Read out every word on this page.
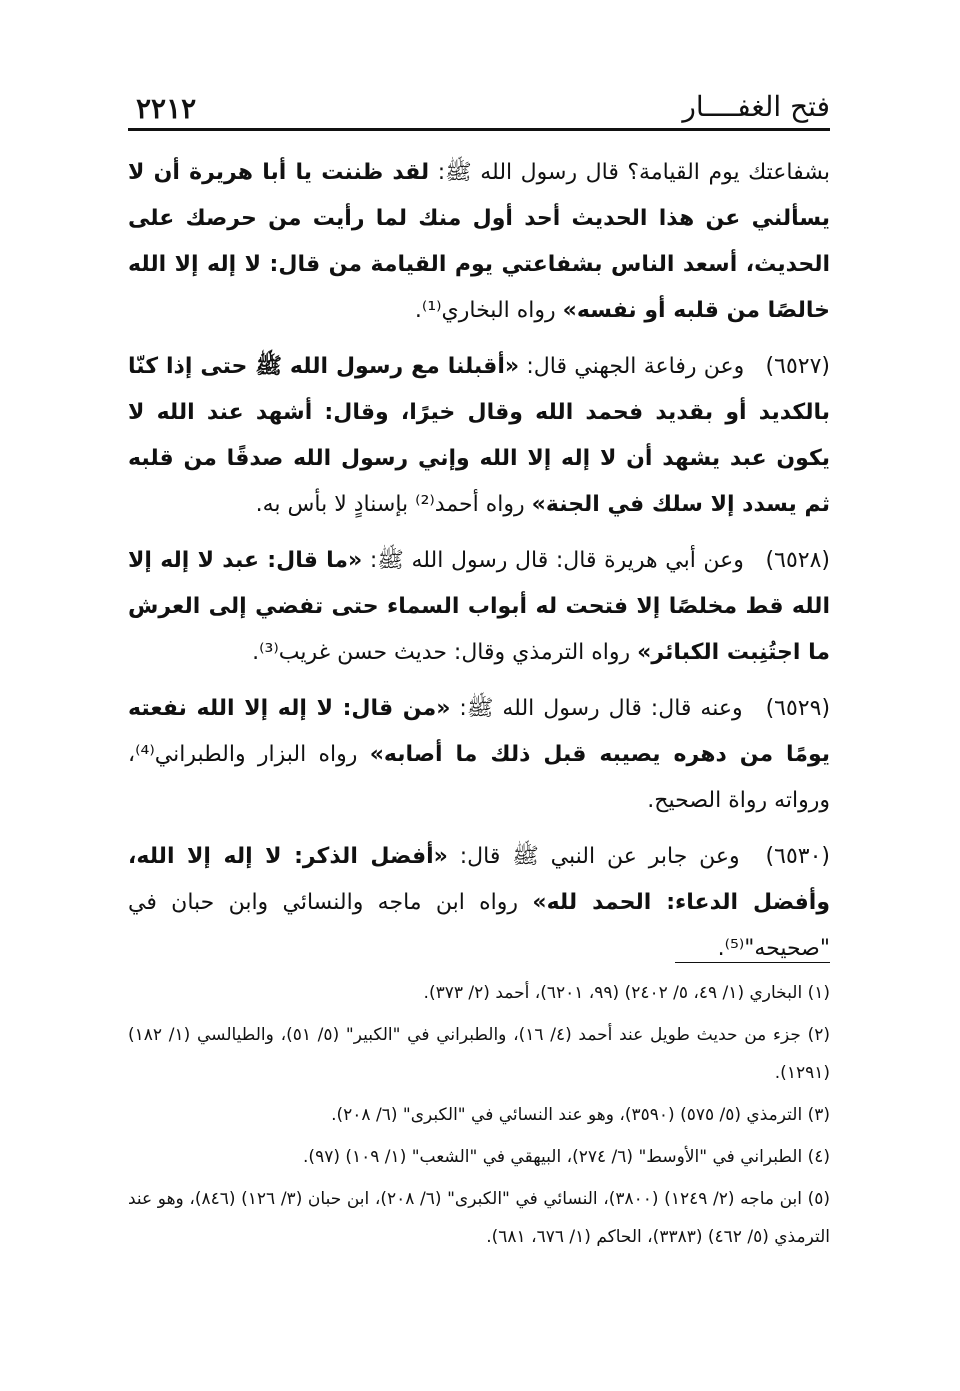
فتح الغفــــار
٢٢١٢

بشفاعتك يوم القيامة؟ قال رسول الله ﷺ: لقد ظننت يا أبا هريرة أن لا يسألني عن هذا الحديث أحد أول منك لما رأيت من حرصك على الحديث، أسعد الناس بشفاعتي يوم القيامة من قال: لا إله إلا الله خالصًا من قلبه أو نفسه» رواه البخاري⁽¹⁾.

(٦٥٢٧) وعن رفاعة الجهني قال: «أقبلنا مع رسول الله ﷺ حتى إذا كنّا بالكديد أو بقديد فحمد الله وقال خيرًا، وقال: أشهد عند الله لا يكون عبد يشهد أن لا إله إلا الله وإني رسول الله صدقًا من قلبه ثم يسدد إلا سلك في الجنة» رواه أحمد⁽²⁾ بإسنادٍ لا بأس به.

(٦٥٢٨) وعن أبي هريرة قال: قال رسول الله ﷺ: «ما قال: عبد لا إله إلا الله قط مخلصًا إلا فتحت له أبواب السماء حتى تفضي إلى العرش ما اجتُنِبت الكبائر» رواه الترمذي وقال: حديث حسن غريب⁽³⁾.

(٦٥٢٩) وعنه قال: قال رسول الله ﷺ: «من قال: لا إله إلا الله نفعته يومًا من دهره يصيبه قبل ذلك ما أصابه» رواه البزار والطبراني⁽⁴⁾، ورواته رواة الصحيح.

(٦٥٣٠) وعن جابر عن النبي ﷺ قال: «أفضل الذكر: لا إله إلا الله، وأفضل الدعاء: الحمد لله» رواه ابن ماجه والنسائي وابن حبان في "صحيحه"⁽⁵⁾.

(١) البخاري (١/ ٤٩، ٥/ ٢٤٠٢) (٩٩، ٦٢٠١)، أحمد (٢/ ٣٧٣).

(٢) جزء من حديث طويل عند أحمد (٤/ ١٦)، والطبراني في "الكبير" (٥/ ٥١)، والطيالسي (١/ ١٨٢) (١٢٩١).

(٣) الترمذي (٥/ ٥٧٥) (٣٥٩٠)، وهو عند النسائي في "الكبرى" (٦/ ٢٠٨).

(٤) الطبراني في "الأوسط" (٦/ ٢٧٤)، البيهقي في "الشعب" (١/ ١٠٩) (٩٧).

(٥) ابن ماجه (٢/ ١٢٤٩) (٣٨٠٠)، النسائي في "الكبرى" (٦/ ٢٠٨)، ابن حبان (٣/ ١٢٦) (٨٤٦)، وهو عند الترمذي (٥/ ٤٦٢) (٣٣٨٣)، الحاكم (١/ ٦٧٦، ٦٨١).
